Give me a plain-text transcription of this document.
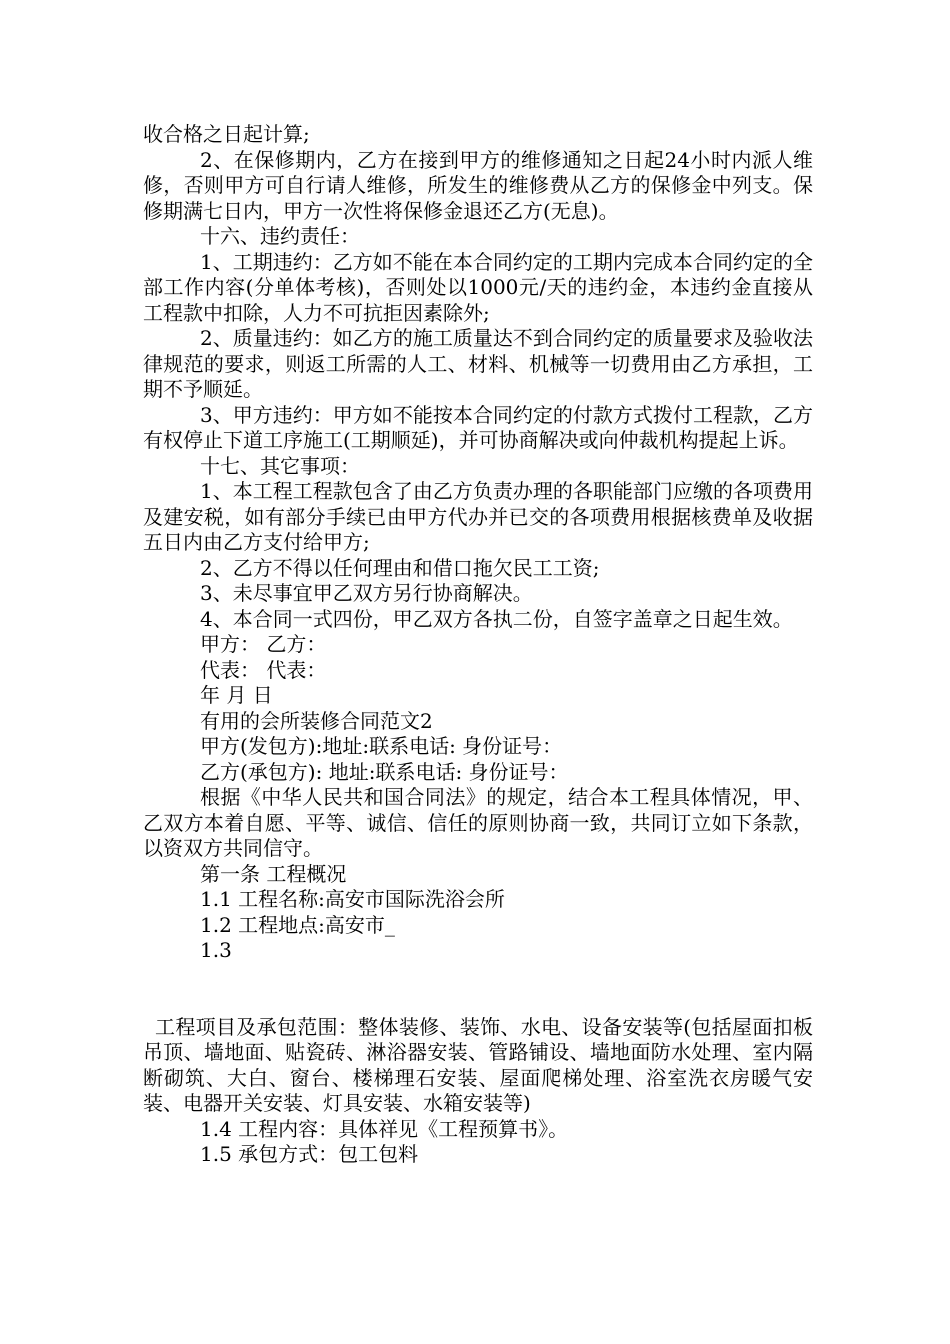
收合格之日起计算;

2、在保修期内，乙方在接到甲方的维修通知之日起24小时内派人维修，否则甲方可自行请人维修，所发生的维修费从乙方的保修金中列支。保修期满七日内，甲方一次性将保修金退还乙方(无息)。

十六、违约责任：

1、工期违约：乙方如不能在本合同约定的工期内完成本合同约定的全部工作内容(分单体考核)，否则处以1000元/天的违约金，本违约金直接从工程款中扣除，人力不可抗拒因素除外;

2、质量违约：如乙方的施工质量达不到合同约定的质量要求及验收法律规范的要求，则返工所需的人工、材料、机械等一切费用由乙方承担，工期不予顺延。

3、甲方违约：甲方如不能按本合同约定的付款方式拨付工程款，乙方有权停止下道工序施工(工期顺延)，并可协商解决或向仲裁机构提起上诉。

十七、其它事项：

1、本工程工程款包含了由乙方负责办理的各职能部门应缴的各项费用及建安税，如有部分手续已由甲方代办并已交的各项费用根据核费单及收据五日内由乙方支付给甲方;

2、乙方不得以任何理由和借口拖欠民工工资;

3、未尽事宜甲乙双方另行协商解决。

4、本合同一式四份，甲乙双方各执二份，自签字盖章之日起生效。

甲方： 乙方：

代表： 代表：

年 月 日

有用的会所装修合同范文2

甲方(发包方):地址:联系电话: 身份证号：

乙方(承包方): 地址:联系电话: 身份证号：

根据《中华人民共和国合同法》的规定，结合本工程具体情况，甲、乙双方本着自愿、平等、诚信、信任的原则协商一致，共同订立如下条款，以资双方共同信守。

第一条 工程概况

1.1 工程名称:高安市国际洗浴会所

1.2 工程地点:高安市_

1.3

工程项目及承包范围：整体装修、装饰、水电、设备安装等(包括屋面扣板吊顶、墙地面、贴瓷砖、淋浴器安装、管路铺设、墙地面防水处理、室内隔断砌筑、大白、窗台、楼梯理石安装、屋面爬梯处理、浴室洗衣房暖气安装、电器开关安装、灯具安装、水箱安装等)

1.4 工程内容：具体祥见《工程预算书》。

1.5 承包方式：包工包料
